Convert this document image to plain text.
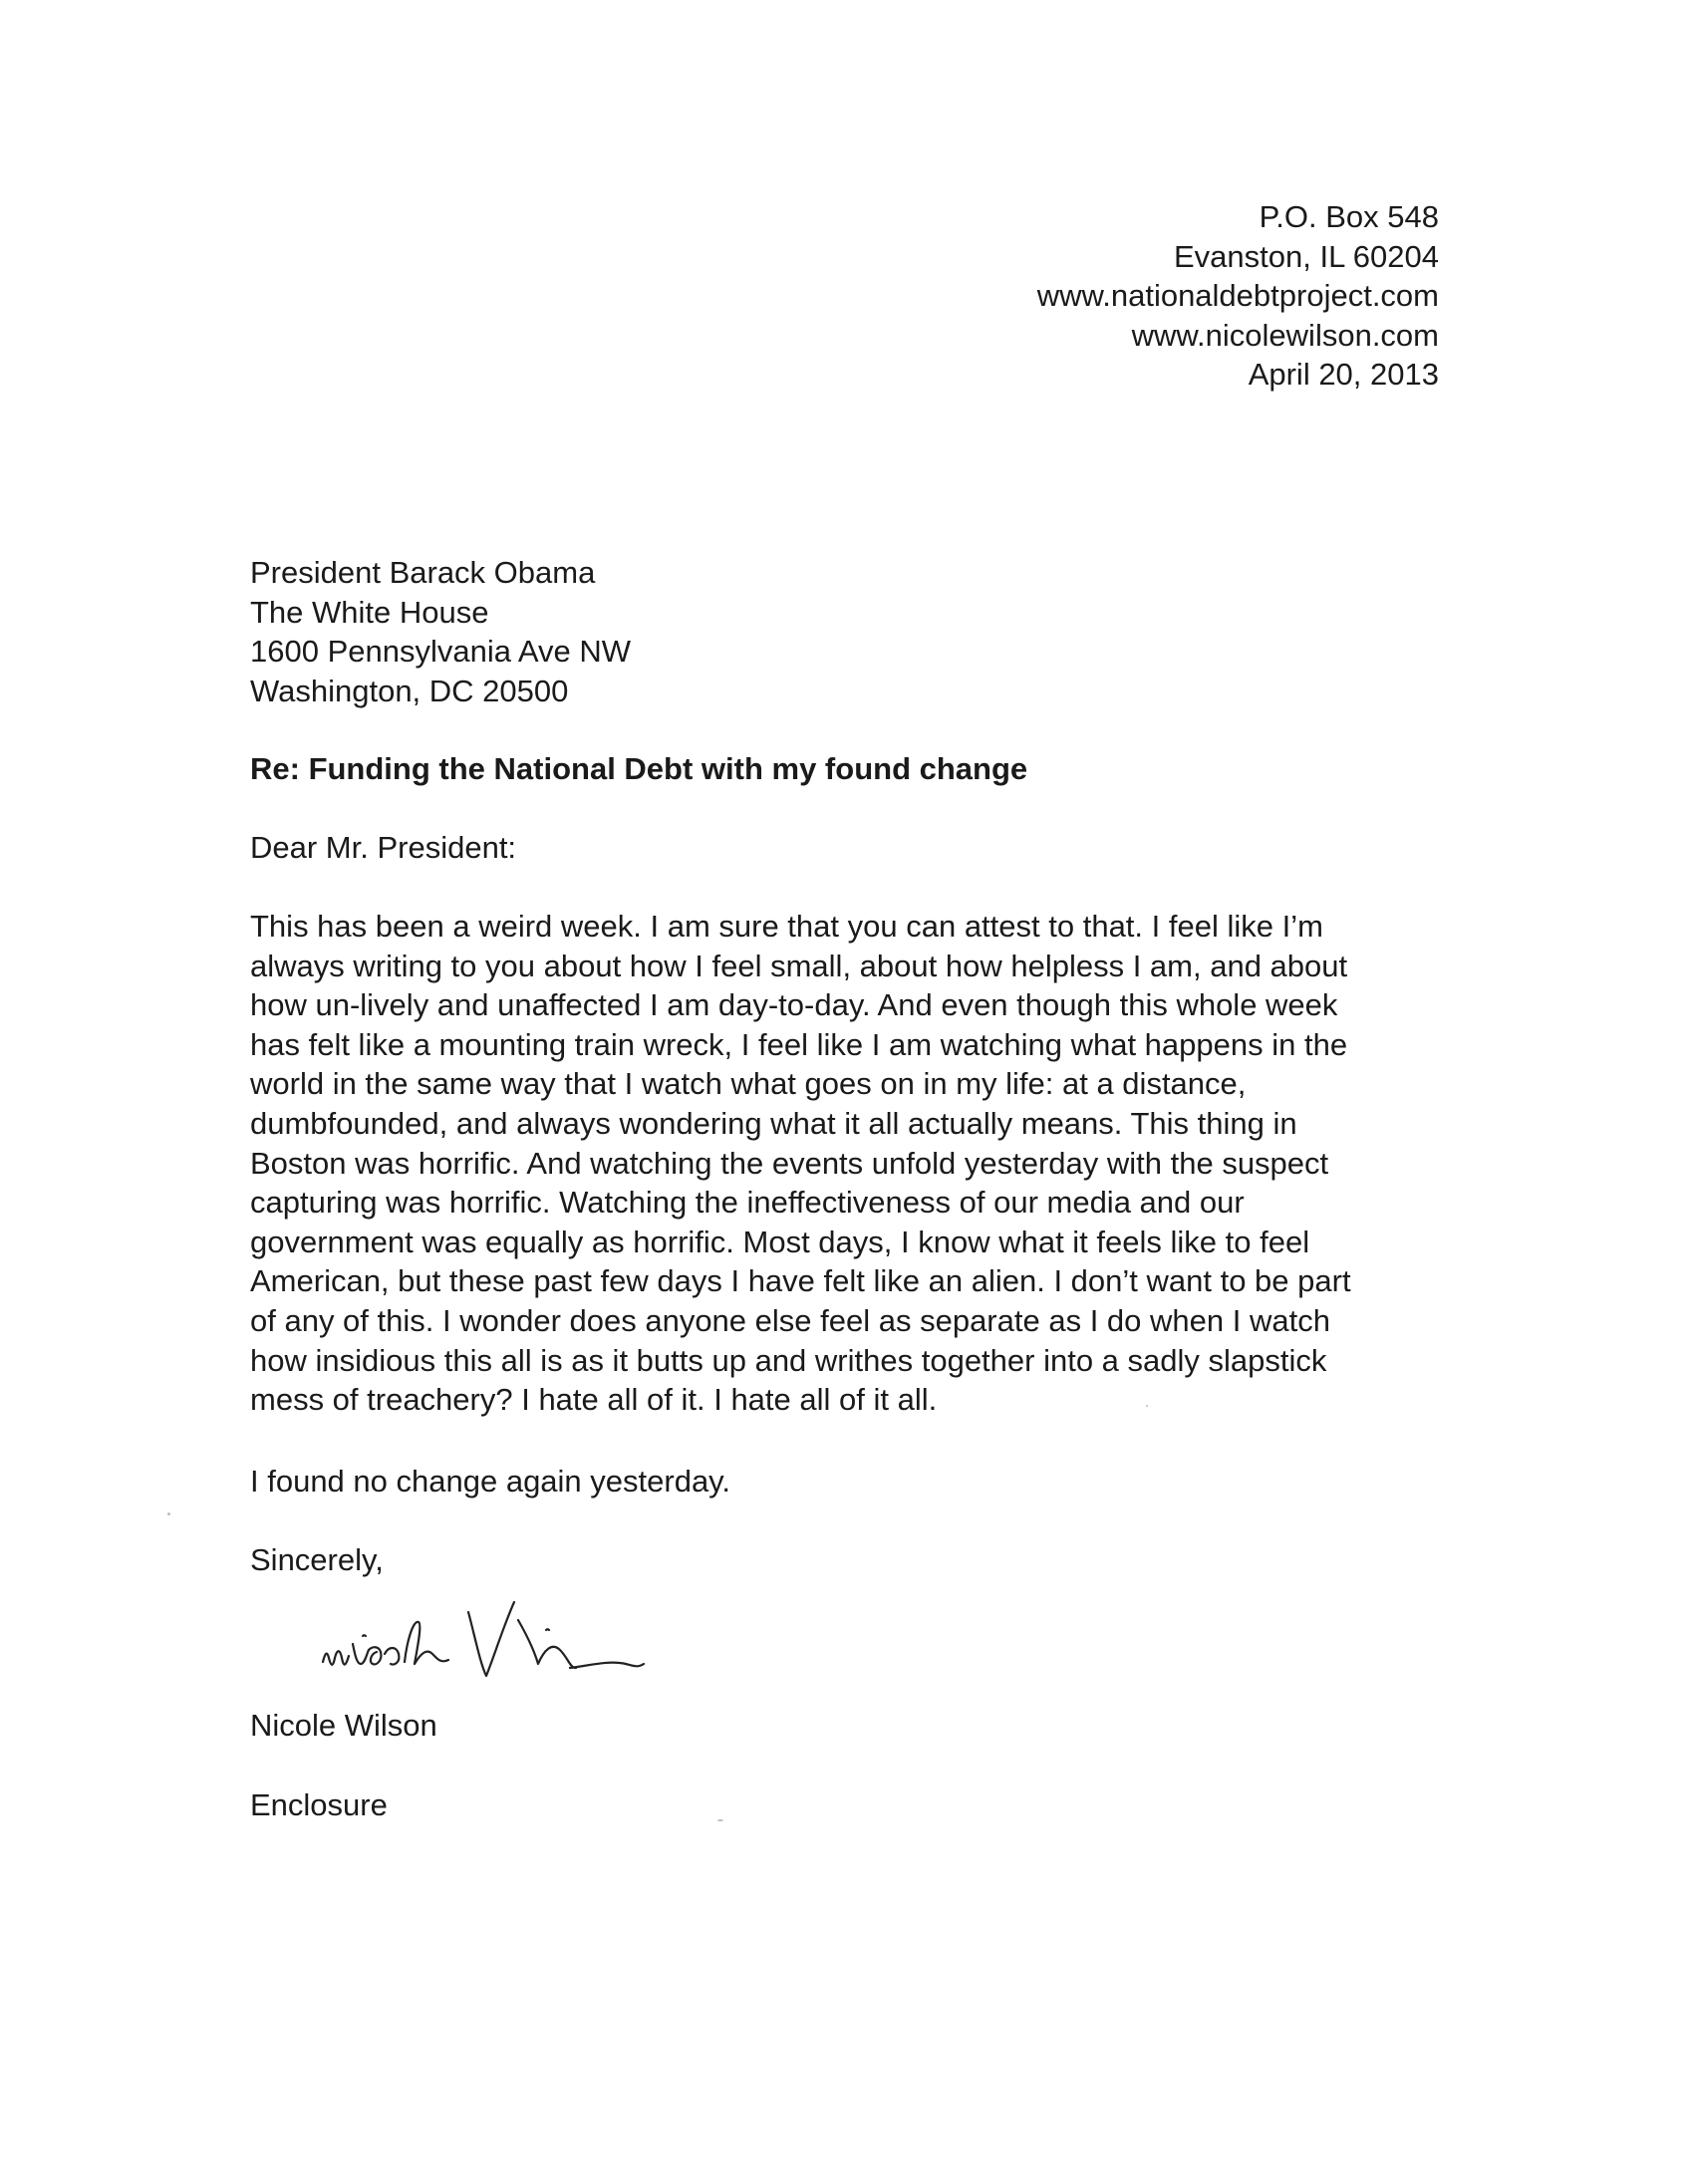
P.O. Box 548
Evanston, IL 60204
www.nationaldebtproject.com
www.nicolewilson.com
April 20, 2013
President Barack Obama
The White House
1600 Pennsylvania Ave NW
Washington, DC 20500
Re: Funding the National Debt with my found change
Dear Mr. President:
This has been a weird week. I am sure that you can attest to that. I feel like I’m
always writing to you about how I feel small, about how helpless I am, and about
how un-lively and unaffected I am day-to-day. And even though this whole week
has felt like a mounting train wreck, I feel like I am watching what happens in the
world in the same way that I watch what goes on in my life: at a distance,
dumbfounded, and always wondering what it all actually means. This thing in
Boston was horrific. And watching the events unfold yesterday with the suspect
capturing was horrific. Watching the ineffectiveness of our media and our
government was equally as horrific. Most days, I know what it feels like to feel
American, but these past few days I have felt like an alien. I don’t want to be part
of any of this. I wonder does anyone else feel as separate as I do when I watch
how insidious this all is as it butts up and writhes together into a sadly slapstick
mess of treachery? I hate all of it. I hate all of it all.
I found no change again yesterday.
Sincerely,
Nicole Wilson
Enclosure
